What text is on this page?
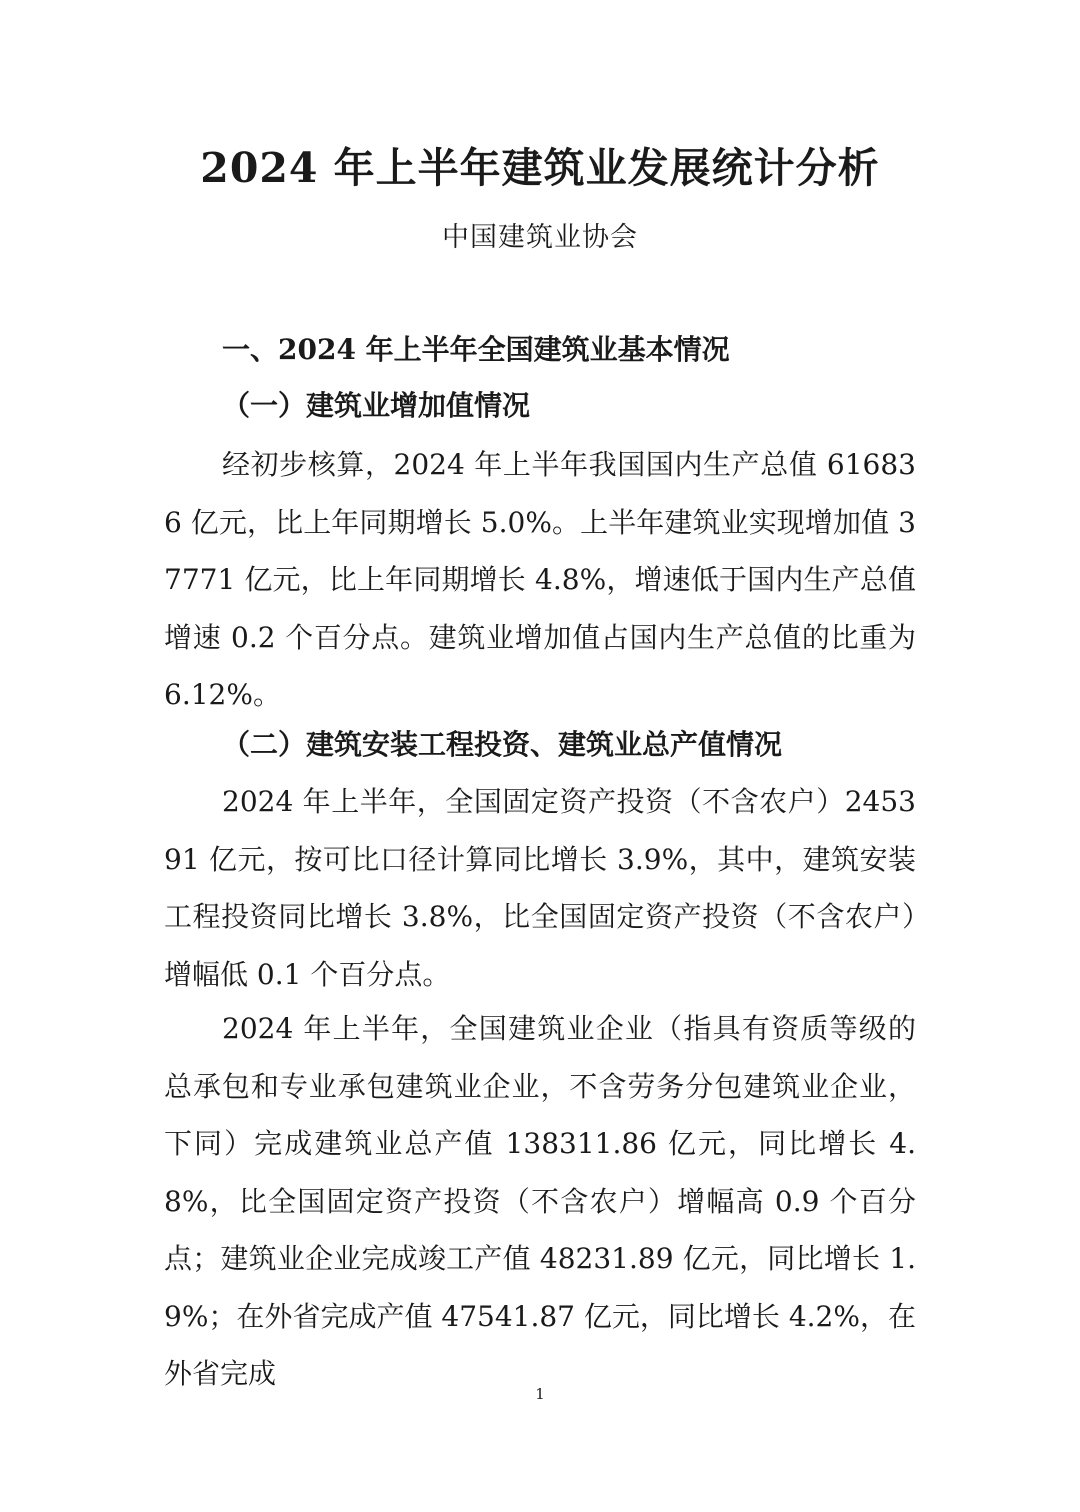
2024 年上半年建筑业发展统计分析
中国建筑业协会
一、2024 年上半年全国建筑业基本情况
（一）建筑业增加值情况

经初步核算，2024 年上半年我国国内生产总值 616836 亿元，比上年同期增长 5.0%。上半年建筑业实现增加值 37771 亿元，比上年同期增长 4.8%，增速低于国内生产总值增速 0.2 个百分点。建筑业增加值占国内生产总值的比重为 6.12%。

（二）建筑安装工程投资、建筑业总产值情况

2024 年上半年，全国固定资产投资（不含农户）245391 亿元，按可比口径计算同比增长 3.9%，其中，建筑安装工程投资同比增长 3.8%，比全国固定资产投资（不含农户）增幅低 0.1 个百分点。

2024 年上半年，全国建筑业企业（指具有资质等级的总承包和专业承包建筑业企业，不含劳务分包建筑业企业，下同）完成建筑业总产值 138311.86 亿元，同比增长 4.8%，比全国固定资产投资（不含农户）增幅高 0.9 个百分点；建筑业企业完成竣工产值 48231.89 亿元，同比增长 1.9%；在外省完成产值 47541.87 亿元，同比增长 4.2%，在外省完成

1
